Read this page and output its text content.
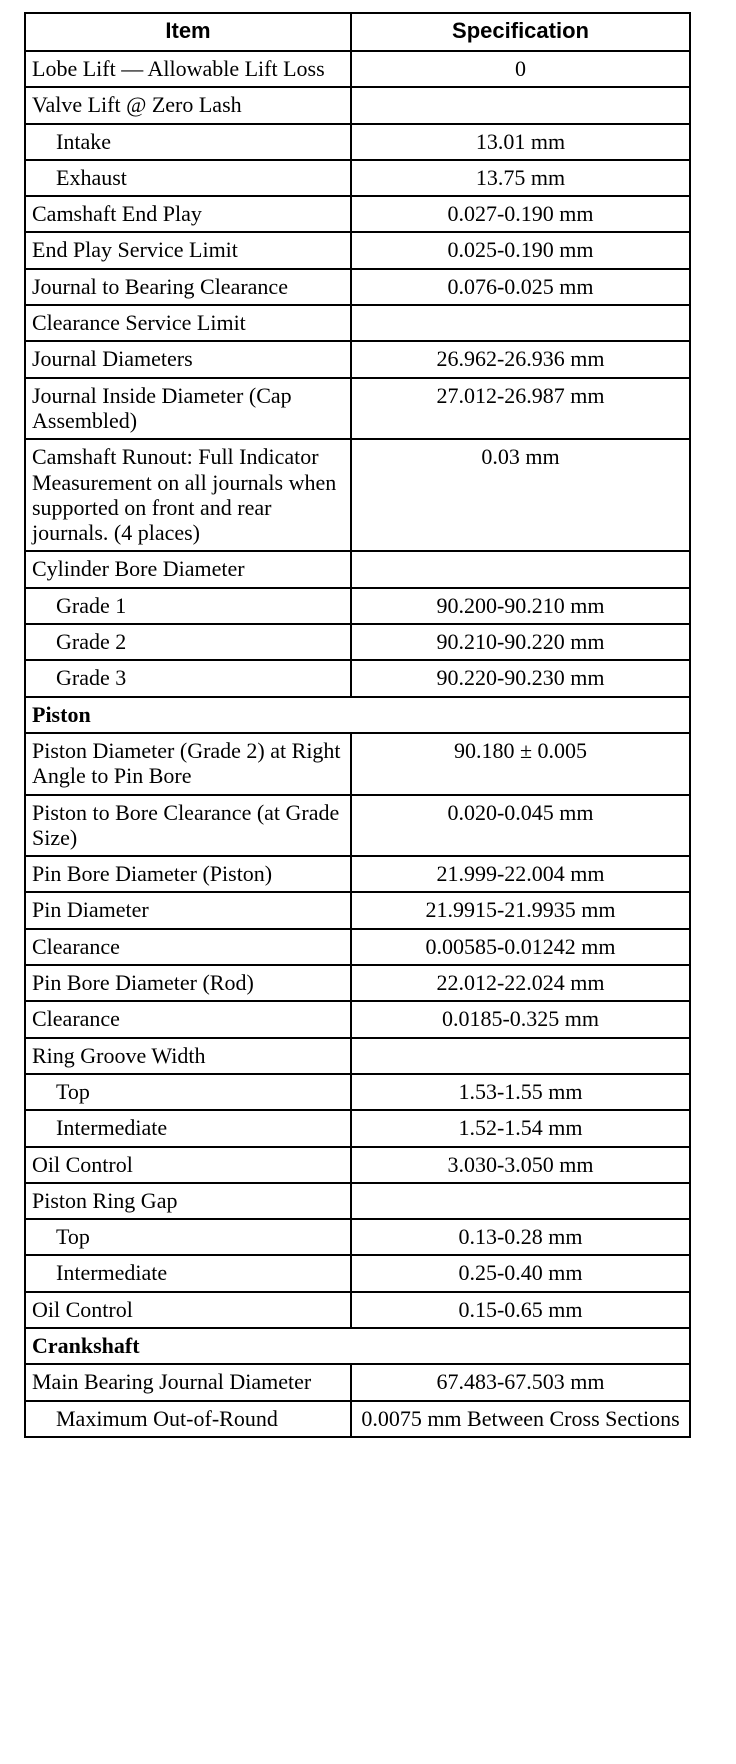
Item	Specification
Lobe Lift — Allowable Lift Loss	0

Valve Lift @ Zero Lash	

Intake	13.01 mm
Exhaust	13.75 mm
Camshaft End Play	0.027-0.190 mm
End Play Service Limit	0.025-0.190 mm
Journal to Bearing Clearance	0.076-0.025 mm
Clearance Service Limit	
Journal Diameters	26.962-26.936 mm
Journal Inside Diameter (Cap Assembled)	27.012-26.987 mm
Camshaft Runout: Full Indicator Measurement on all journals when supported on front and rear journals. (4 places)	0.03 mm

Cylinder Bore Diameter	

Grade 1	90.200-90.210 mm
Grade 2	90.210-90.220 mm
Grade 3	90.220-90.230 mm
Piston	
Piston Diameter (Grade 2) at Right Angle to Pin Bore	90.180 ± 0.005
Piston to Bore Clearance (at Grade Size)	0.020-0.045 mm
Pin Bore Diameter (Piston)	21.999-22.004 mm
Pin Diameter	21.9915-21.9935 mm
Clearance	0.00585-0.01242 mm
Pin Bore Diameter (Rod)	22.012-22.024 mm
Clearance	0.0185-0.325 mm

Ring Groove Width	

Top	1.53-1.55 mm
Intermediate	1.52-1.54 mm
Oil Control	3.030-3.050 mm

Piston Ring Gap	

Top	0.13-0.28 mm
Intermediate	0.25-0.40 mm
Oil Control	0.15-0.65 mm
Crankshaft	
Main Bearing Journal Diameter	67.483-67.503 mm
Maximum Out-of-Round	0.0075 mm Between Cross Sections
